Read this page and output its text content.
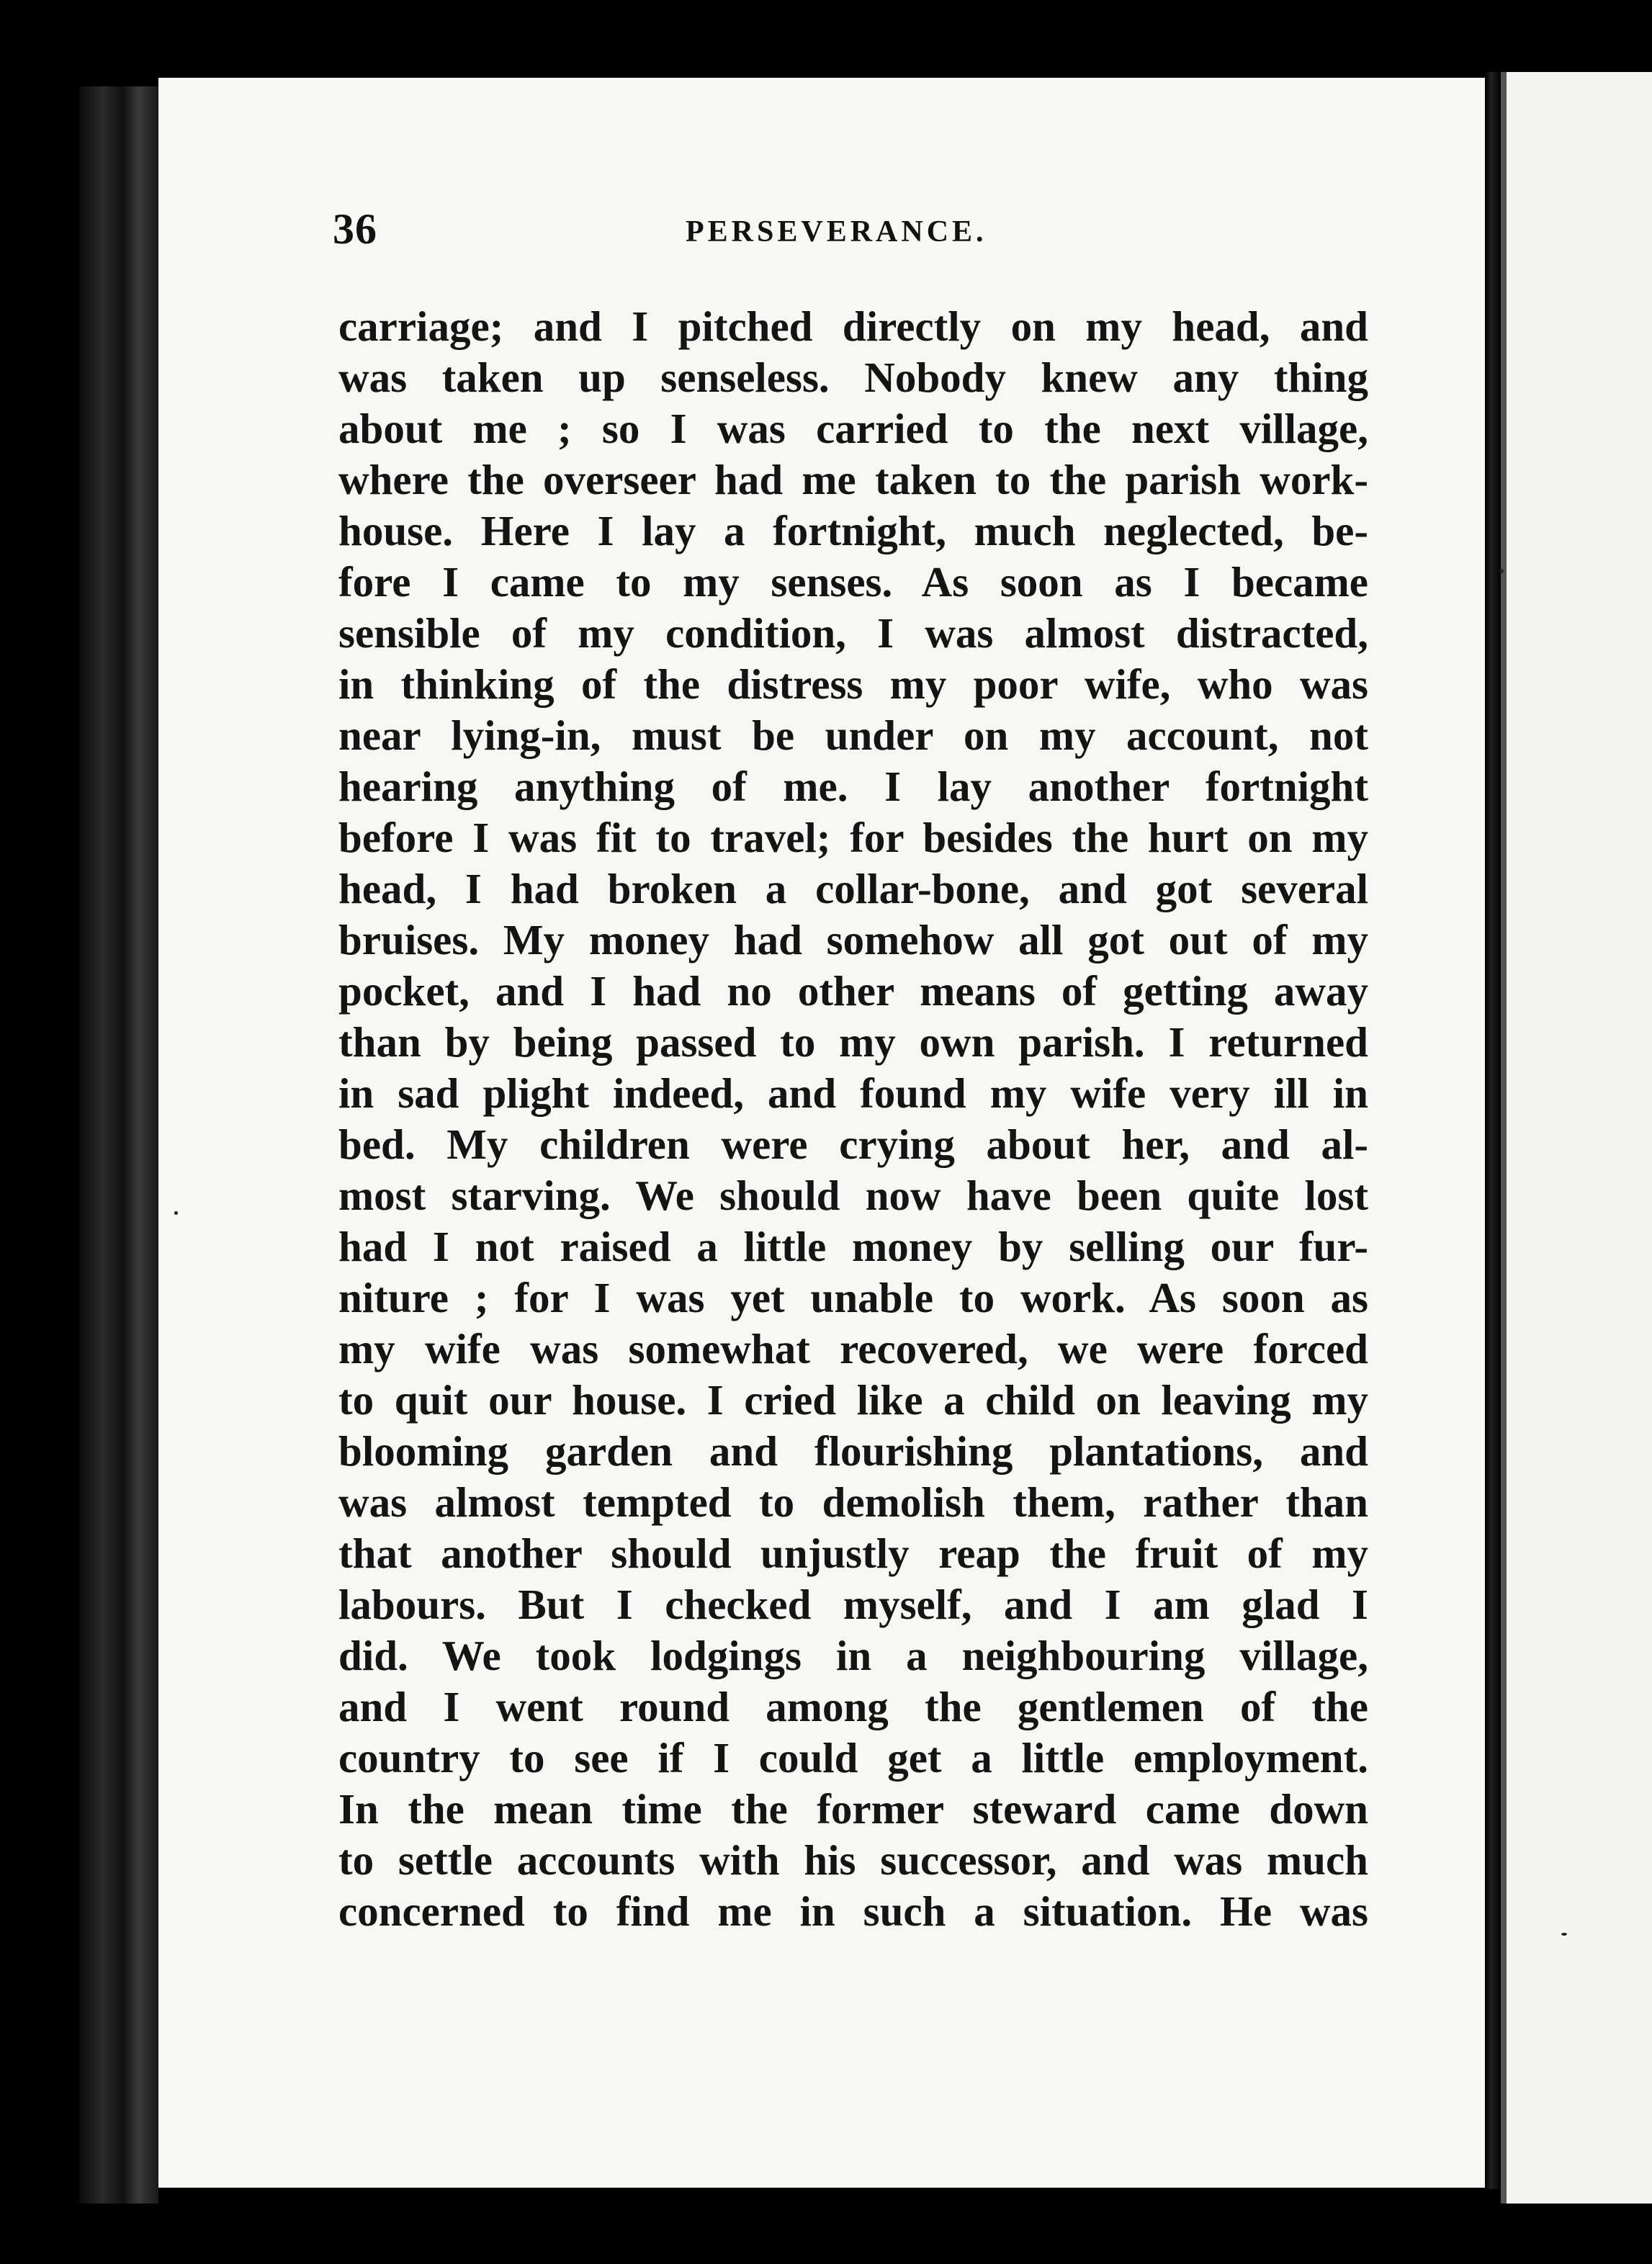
36	PERSEVERANCE.
carriage; and I pitched directly on my head, and
was taken up senseless. Nobody knew any thing
about me ; so I was carried to the next village,
where the overseer had me taken to the parish work-
house. Here I lay a fortnight, much neglected, be-
fore I came to my senses. As soon as I became
sensible of my condition, I was almost distracted,
in thinking of the distress my poor wife, who was
near lying-in, must be under on my account, not
hearing anything of me. I lay another fortnight
before I was fit to travel; for besides the hurt on my
head, I had broken a collar-bone, and got several
bruises. My money had somehow all got out of my
pocket, and I had no other means of getting away
than by being passed to my own parish. I returned
in sad plight indeed, and found my wife very ill in
bed. My children were crying about her, and al-
most starving. We should now have been quite lost
had I not raised a little money by selling our fur-
niture ; for I was yet unable to work. As soon as
my wife was somewhat recovered, we were forced
to quit our house. I cried like a child on leaving my
blooming garden and flourishing plantations, and
was almost tempted to demolish them, rather than
that another should unjustly reap the fruit of my
labours. But I checked myself, and I am glad I
did. We took lodgings in a neighbouring village,
and I went round among the gentlemen of the
country to see if I could get a little employment.
In the mean time the former steward came down
to settle accounts with his successor, and was much
concerned to find me in such a situation. He was
